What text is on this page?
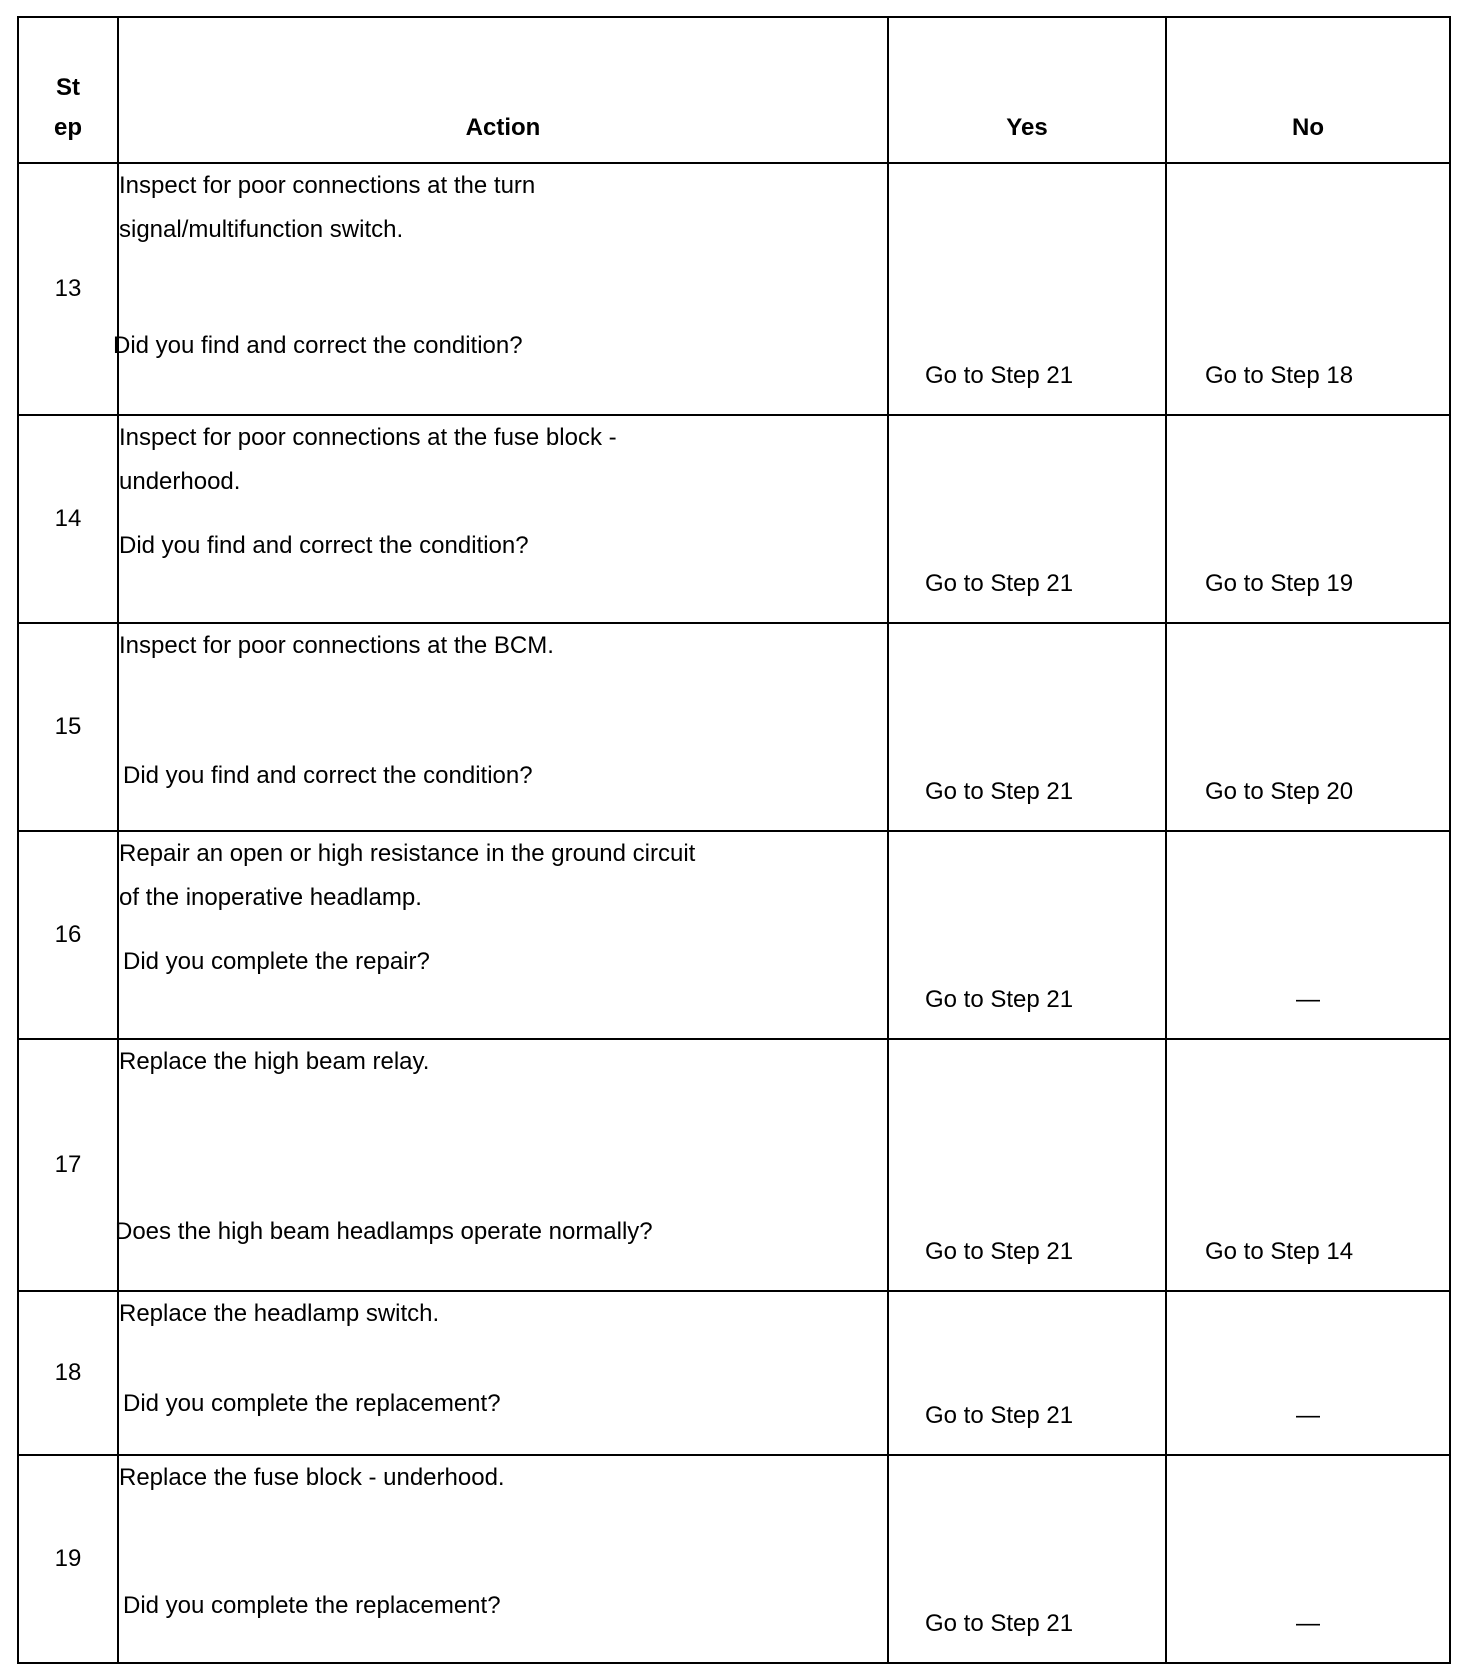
St
ep	Action	Yes	No

13	Inspect for poor connections at the turn
signal/multifunction switch.
Did you find and correct the condition?	Go to Step 21	Go to Step 18

14	Inspect for poor connections at the fuse block -
underhood.
Did you find and correct the condition?	Go to Step 21	Go to Step 19

15	Inspect for poor connections at the BCM.
Did you find and correct the condition?	Go to Step 21	Go to Step 20

16	Repair an open or high resistance in the ground circuit
of the inoperative headlamp.
Did you complete the repair?	Go to Step 21	—

17	Replace the high beam relay.
Does the high beam headlamps operate normally?	Go to Step 21	Go to Step 14

18	Replace the headlamp switch.
Did you complete the replacement?	Go to Step 21	—

19	Replace the fuse block - underhood.
Did you complete the replacement?	Go to Step 21	—
